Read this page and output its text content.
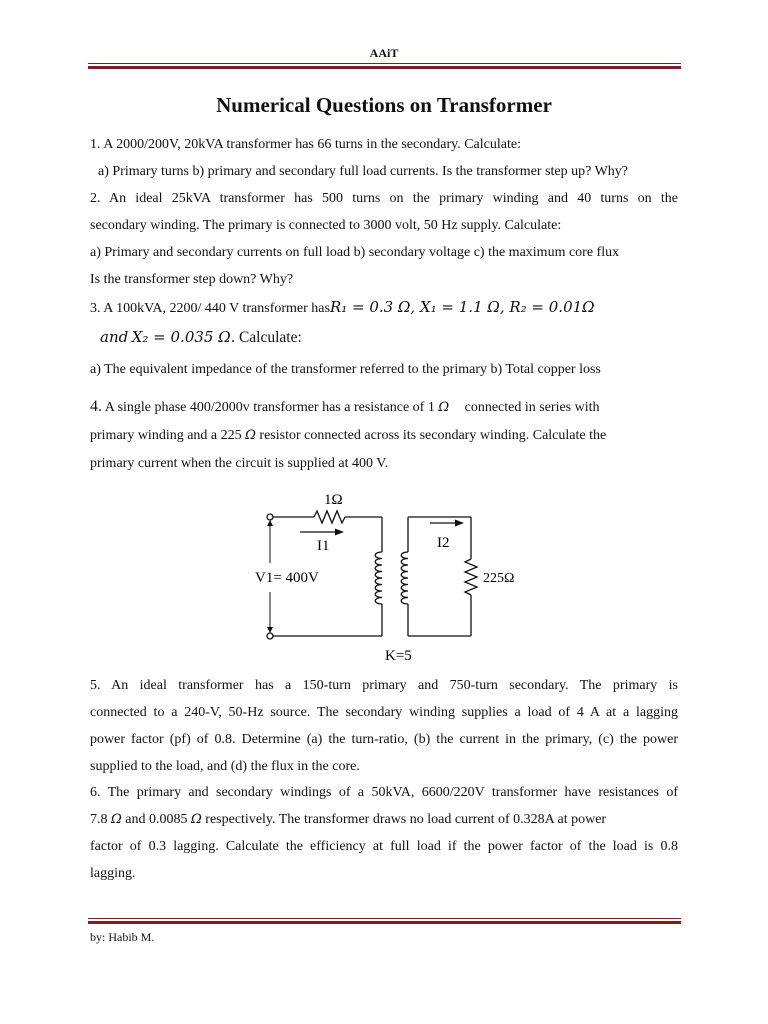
AAiT
Numerical Questions on Transformer
1. A 2000/200V, 20kVA transformer has 66 turns in the secondary. Calculate:
a) Primary turns b) primary and secondary full load currents. Is the transformer step up? Why?
2. An ideal 25kVA transformer has 500 turns on the primary winding and 40 turns on the
secondary winding. The primary is connected to 3000 volt, 50 Hz supply. Calculate:
a) Primary and secondary currents on full load b) secondary voltage c) the maximum core flux
Is the transformer step down? Why?
3. A 100kVA, 2200/ 440 V transformer hasR₁ = 0.3 Ω, X₁ = 1.1 Ω, R₂ = 0.01Ω
and X₂ = 0.035 Ω. Calculate:
a) The equivalent impedance of the transformer referred to the primary b) Total copper loss
4. A single phase 400/2000v transformer has a resistance of 1 Ω connected in series with
primary winding and a 225 Ω resistor connected across its secondary winding. Calculate the
primary current when the circuit is supplied at 400 V.
1Ω
I1	I2
V1= 400V	225Ω
K=5
5. An ideal transformer has a 150-turn primary and 750-turn secondary. The primary is
connected to a 240-V, 50-Hz source. The secondary winding supplies a load of 4 A at a lagging
power factor (pf) of 0.8. Determine (a) the turn-ratio, (b) the current in the primary, (c) the power
supplied to the load, and (d) the flux in the core.
6. The primary and secondary windings of a 50kVA, 6600/220V transformer have resistances of
7.8 Ω and 0.0085 Ω respectively. The transformer draws no load current of 0.328A at power
factor of 0.3 lagging. Calculate the efficiency at full load if the power factor of the load is 0.8
lagging.
by: Habib M.
